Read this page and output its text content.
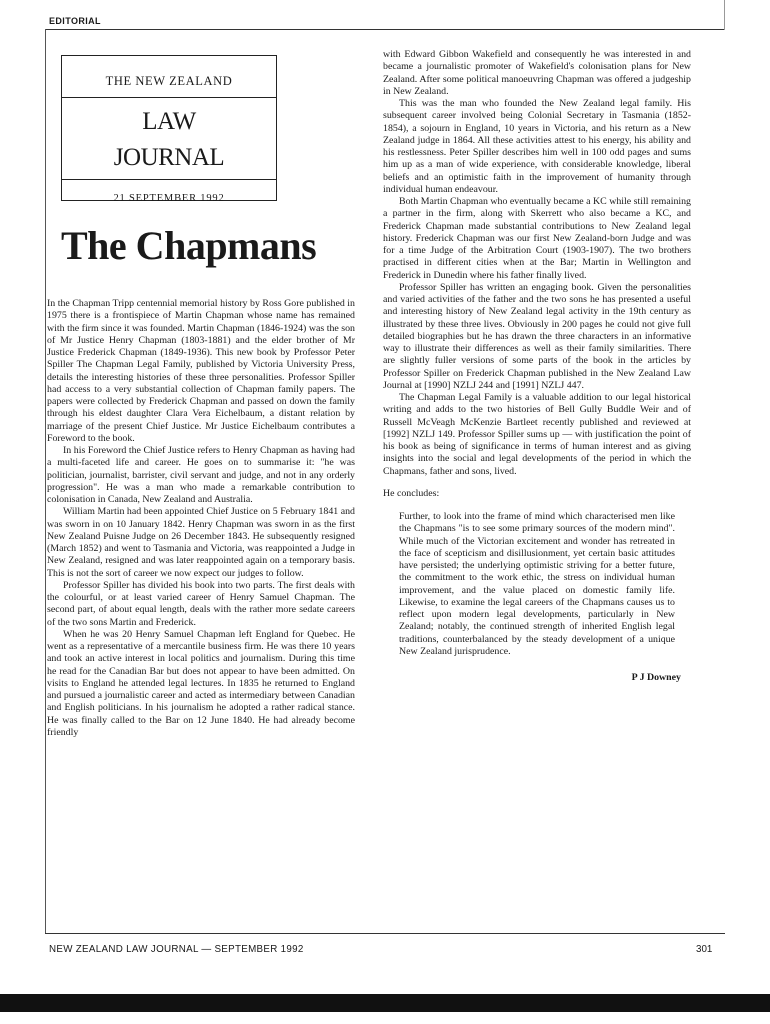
EDITORIAL
THE NEW ZEALAND
LAW
JOURNAL
21 SEPTEMBER 1992
The Chapmans

In the Chapman Tripp centennial memorial history by Ross Gore published in 1975 there is a frontispiece of Martin Chapman whose name has remained with the firm since it was founded. Martin Chapman (1846-1924) was the son of Mr Justice Henry Chapman (1803-1881) and the elder brother of Mr Justice Frederick Chapman (1849-1936). This new book by Professor Peter Spiller The Chapman Legal Family, published by Victoria University Press, details the interesting histories of these three personalities. Professor Spiller had access to a very substantial collection of Chapman family papers. The papers were collected by Frederick Chapman and passed on down the family through his eldest daughter Clara Vera Eichelbaum, a distant relation by marriage of the present Chief Justice. Mr Justice Eichelbaum contributes a Foreword to the book.

In his Foreword the Chief Justice refers to Henry Chapman as having had a multi-faceted life and career. He goes on to summarise it: "he was politician, journalist, barrister, civil servant and judge, and not in any orderly progression". He was a man who made a remarkable contribution to colonisation in Canada, New Zealand and Australia.

William Martin had been appointed Chief Justice on 5 February 1841 and was sworn in on 10 January 1842. Henry Chapman was sworn in as the first New Zealand Puisne Judge on 26 December 1843. He subsequently resigned (March 1852) and went to Tasmania and Victoria, was reappointed a Judge in New Zealand, resigned and was later reappointed again on a temporary basis. This is not the sort of career we now expect our judges to follow.

Professor Spiller has divided his book into two parts. The first deals with the colourful, or at least varied career of Henry Samuel Chapman. The second part, of about equal length, deals with the rather more sedate careers of the two sons Martin and Frederick.

When he was 20 Henry Samuel Chapman left England for Quebec. He went as a representative of a mercantile business firm. He was there 10 years and took an active interest in local politics and journalism. During this time he read for the Canadian Bar but does not appear to have been admitted. On visits to England he attended legal lectures. In 1835 he returned to England and pursued a journalistic career and acted as intermediary between Canadian and English politicians. In his journalism he adopted a rather radical stance. He was finally called to the Bar on 12 June 1840. He had already become friendly

with Edward Gibbon Wakefield and consequently he was interested in and became a journalistic promoter of Wakefield's colonisation plans for New Zealand. After some political manoeuvring Chapman was offered a judgeship in New Zealand.

This was the man who founded the New Zealand legal family. His subsequent career involved being Colonial Secretary in Tasmania (1852-1854), a sojourn in England, 10 years in Victoria, and his return as a New Zealand judge in 1864. All these activities attest to his energy, his ability and his restlessness. Peter Spiller describes him well in 100 odd pages and sums him up as a man of wide experience, with considerable knowledge, liberal beliefs and an optimistic faith in the improvement of humanity through individual human endeavour.

Both Martin Chapman who eventually became a KC while still remaining a partner in the firm, along with Skerrett who also became a KC, and Frederick Chapman made substantial contributions to New Zealand legal history. Frederick Chapman was our first New Zealand-born Judge and was for a time Judge of the Arbitration Court (1903-1907). The two brothers practised in different cities when at the Bar; Martin in Wellington and Frederick in Dunedin where his father finally lived.

Professor Spiller has written an engaging book. Given the personalities and varied activities of the father and the two sons he has presented a useful and interesting history of New Zealand legal activity in the 19th century as illustrated by these three lives. Obviously in 200 pages he could not give full detailed biographies but he has drawn the three characters in an informative way to illustrate their differences as well as their family similarities. There are slightly fuller versions of some parts of the book in the articles by Professor Spiller on Frederick Chapman published in the New Zealand Law Journal at [1990] NZLJ 244 and [1991] NZLJ 447.

The Chapman Legal Family is a valuable addition to our legal historical writing and adds to the two histories of Bell Gully Buddle Weir and of Russell McVeagh McKenzie Bartleet recently published and reviewed at [1992] NZLJ 149. Professor Spiller sums up — with justification the point of his book as being of significance in terms of human interest and as giving insights into the social and legal developments of the period in which the Chapmans, father and sons, lived.

He concludes:

Further, to look into the frame of mind which characterised men like the Chapmans "is to see some primary sources of the modern mind". While much of the Victorian excitement and wonder has retreated in the face of scepticism and disillusionment, yet certain basic attitudes have persisted; the underlying optimistic striving for a better future, the commitment to the work ethic, the stress on individual human improvement, and the value placed on domestic family life. Likewise, to examine the legal careers of the Chapmans causes us to reflect upon modern legal developments, particularly in New Zealand; notably, the continued strength of inherited English legal traditions, counterbalanced by the steady development of a unique New Zealand jurisprudence.

P J Downey

NEW ZEALAND LAW JOURNAL — SEPTEMBER 1992	301
